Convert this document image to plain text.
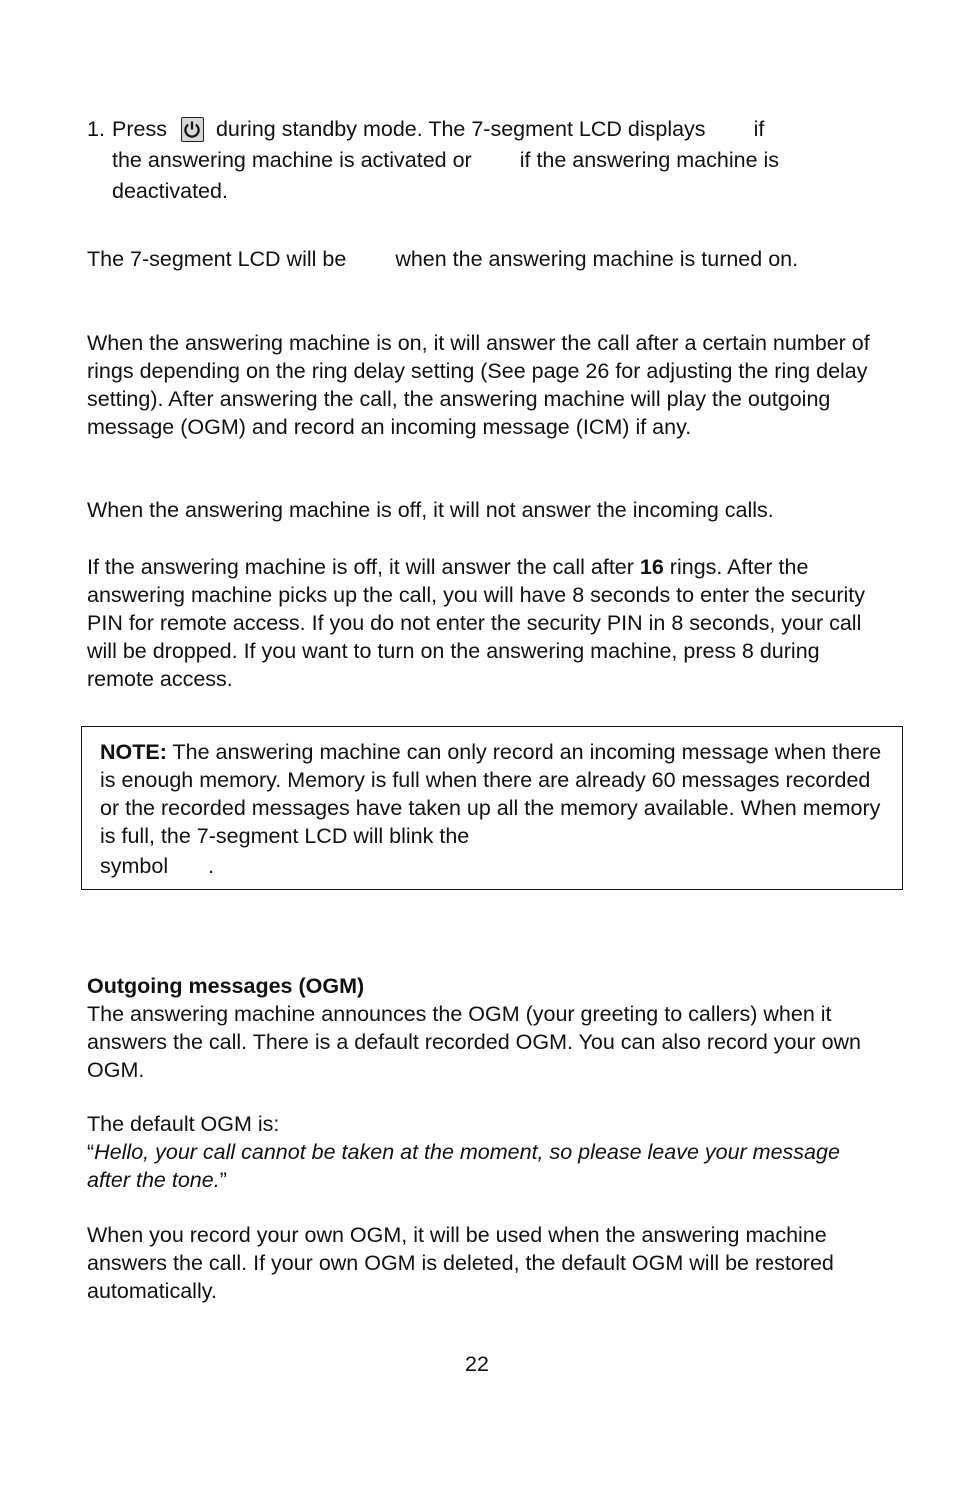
1. Press during standby mode. The 7-segment LCD displays if
the answering machine is activated or if the answering machine is deactivated.

The 7-segment LCD will be when the answering machine is turned on.

When the answering machine is on, it will answer the call after a certain number of rings depending on the ring delay setting (See page 26 for adjusting the ring delay setting). After answering the call, the answering machine will play the outgoing message (OGM) and record an incoming message (ICM) if any.

When the answering machine is off, it will not answer the incoming calls.

If the answering machine is off, it will answer the call after 16 rings. After the answering machine picks up the call, you will have 8 seconds to enter the security PIN for remote access. If you do not enter the security PIN in 8 seconds, your call will be dropped. If you want to turn on the answering machine, press 8 during remote access.

NOTE: The answering machine can only record an incoming message when there is enough memory. Memory is full when there are already 60 messages recorded or the recorded messages have taken up all the memory available. When memory is full, the 7-segment LCD will blink the
symbol .

Outgoing messages (OGM)
The answering machine announces the OGM (your greeting to callers) when it answers the call. There is a default recorded OGM. You can also record your own OGM.

The default OGM is:
“Hello, your call cannot be taken at the moment, so please leave your message after the tone.”

When you record your own OGM, it will be used when the answering machine answers the call. If your own OGM is deleted, the default OGM will be restored automatically.

22
